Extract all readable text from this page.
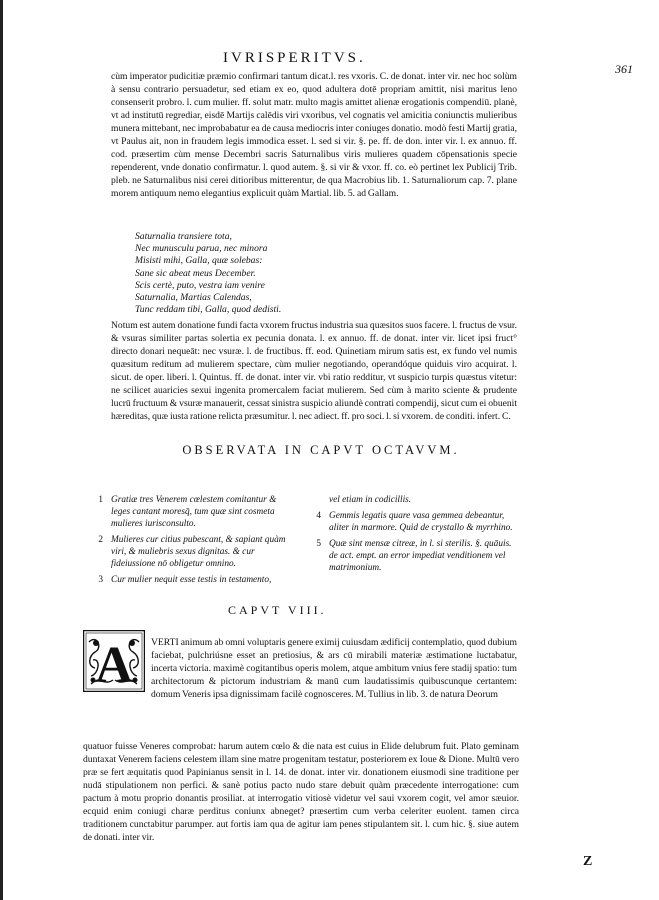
IVRISPERITVS.
361

cùm imperator pudicitiæ præmio confirmari tantum dicat.l. res vxoris. C. de donat. inter vir. nec hoc solùm à sensu contrario persuadetur, sed etiam ex eo, quod adultera dotē propriam amittit, nisi maritus leno consenserit probro. l. cum mulier. ff. solut matr. multo magis amittet alienæ erogationis compendiū. planè, vt ad institutū regrediar, eisdē Martijs calēdis viri vxoribus, vel cognatis vel amicitia coniunctis mulieribus munera mittebant, nec improbabatur ea de causa mediocris inter coniuges donatio. modò festi Martij gratia, vt Paulus ait, non in fraudem legis immodica esset. l. sed si vir. §. pe. ff. de don. inter vir. l. ex annuo. ff. cod. præsertim cùm mense Decembri sacris Saturnalibus viris mulieres quadem cōpensationis specie rependerent, vnde donatio confirmatur. l. quod autem. §. si vir & vxor. ff. co. eò pertinet lex Publicij Trib. pleb. ne Saturnalibus nisi cerei ditioribus mitterentur, de qua Macrobius lib. 1. Saturnaliorum cap. 7. plane morem antiquum nemo elegantius explicuit quàm Martial. lib. 5. ad Gallam.

Saturnalia transiere tota,
Nec munusculu parua, nec minora
Misisti mihi, Galla, quæ solebas:
Sane sic abeat meus December.
Scis certè, puto, vestra iam venire
Saturnalia, Martias Calendas,
Tunc reddam tibi, Galla, quod dedisti.

Notum est autem donatione fundi facta vxorem fructus industria sua quæsitos suos facere. l. fructus de vsur. & vsuras similiter partas solertia ex pecunia donata. l. ex annuo. ff. de donat. inter vir. licet ipsi fruct° directo donari nequeāt: nec vsuræ. l. de fructibus. ff. eod. Quinetiam mirum satis est, ex fundo vel numis quæsitum reditum ad mulierem spectare, cùm mulier negotiando, operandóque quiduis viro acquirat. l. sicut. de oper. liberi. l. Quintus. ff. de donat. inter vir. vbi ratio redditur, vt suspicio turpis quæstus vitetur: ne scilicet auaricies sexui ingenita promercalem faciat mulierem. Sed cùm à marito sciente & prudente lucrū fructuum & vsuræ manauerit, cessat sinistra suspicio aliundè contrati compendij, sicut cum ei obuenit hæreditas, quæ iusta ratione relicta præsumitur. l. nec adiect. ff. pro soci. l. si vxorem. de conditi. infert. C.

OBSERVATA IN CAPVT OCTAVVM.
1 Gratiæ tres Venerem cœlestem comitantur & leges cantant moresq̄, tum quæ sint cosmeta mulieres iurisconsulto.
2 Mulieres cur citius pubescant, & sapiant quàm viri, & muliebris sexus dignitas. & cur fideiussione nō obligetur omnino.
3 Cur mulier nequit esse testis in testamento,
vel etiam in codicillis.
4 Gemmis legatis quare vasa gemmea debeantur, aliter in marmore. Quid de crystallo & myrrhino.
5 Quæ sint mensæ citreæ, in l. si sterilis. §. quāuis. de act. empt. an error impediat venditionem vel matrimonium.
CAPVT VIII.
A VERTI animum ab omni voluptaris genere eximij cuiusdam ædificij contemplatio, quod dubium faciebat, pulchriúsne esset an pretiosius, & ars cū mirabili materiæ æstimatione luctabatur, incerta victoria. maximè cogitantibus operis molem, atque ambitum vnius fere stadij spatio: tum architectorum & pictorum industriam & manū cum laudatissimis quibuscunque certantem: domum Veneris ipsa dignissimam facilè cognosceres. M. Tullius in lib. 3. de natura Deorum

quatuor fuisse Veneres comprobat: harum autem cœlo & die nata est cuius in Elide delubrum fuit. Plato geminam duntaxat Venerem faciens celestem illam sine matre progenitam testatur, posteriorem ex Ioue & Dione. Multū vero præ se fert æquitatis quod Papinianus sensit in l. 14. de donat. inter vir. donationem eiusmodi sine traditione per nudā stipulationem non perfici. & sanè potius pacto nudo stare debuit quàm præcedente interrogatione: cum pactum à motu proprio donantis prosiliat. at interrogatio vitiosè videtur vel saui vxorem cogit, vel amor sæuior. ecquid enim coniugi charæ perditus coniunx abneget? præsertim cum verba celeriter euolent. tamen circa traditionem cunctabitur parumper. aut fortis iam qua de agitur iam penes stipulantem sit. l. cum hic. §. siue autem de donati. inter vir.

Z
